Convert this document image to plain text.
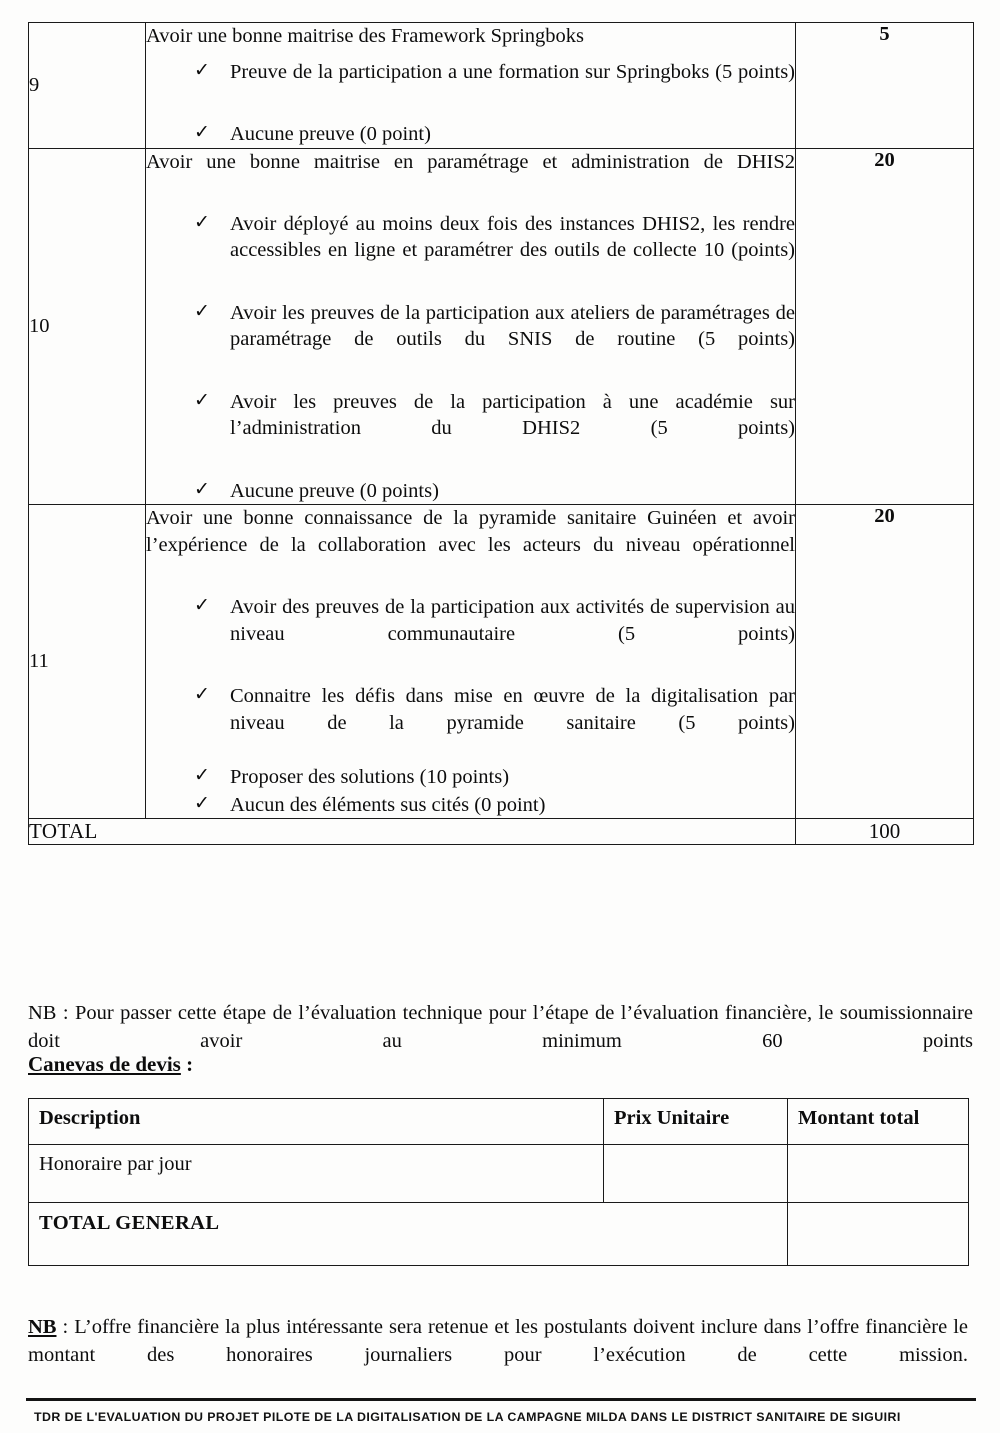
9	

Avoir une bonne maitrise des Framework Springboks

✓ Preuve de la participation a une formation sur Springboks (5 points)
✓ Aucune preuve (0 point)
	5
10	

Avoir une bonne maitrise en paramétrage et administration de DHIS2

✓ Avoir déployé au moins deux fois des instances DHIS2, les rendre accessibles en ligne et paramétrer des outils de collecte 10 (points)
✓ Avoir les preuves de la participation aux ateliers de paramétrages de paramétrage de outils du SNIS de routine (5 points)
✓ Avoir les preuves de la participation à une académie sur l’administration du DHIS2 (5 points)
✓ Aucune preuve (0 points)
	20
11	

Avoir une bonne connaissance de la pyramide sanitaire Guinéen et avoir l’expérience de la collaboration avec les acteurs du niveau opérationnel

✓ Avoir des preuves de la participation aux activités de supervision au niveau communautaire (5 points)
✓ Connaitre les défis dans mise en œuvre de la digitalisation par niveau de la pyramide sanitaire (5 points)
✓ Proposer des solutions (10 points)
✓ Aucun des éléments sus cités (0 point)
	20
TOTAL		100

NB : Pour passer cette étape de l’évaluation technique pour l’étape de l’évaluation financière, le soumissionnaire doit avoir au minimum 60 points

Canevas de devis :
Description	Prix Unitaire	Montant total
Honoraire par jour		
TOTAL GENERAL		

NB : L’offre financière la plus intéressante sera retenue et les postulants doivent inclure dans l’offre financière le montant des honoraires journaliers pour l’exécution de cette mission.

TDR DE L'EVALUATION DU PROJET PILOTE DE LA DIGITALISATION DE LA CAMPAGNE MILDA DANS LE DISTRICT SANITAIRE DE SIGUIRI
